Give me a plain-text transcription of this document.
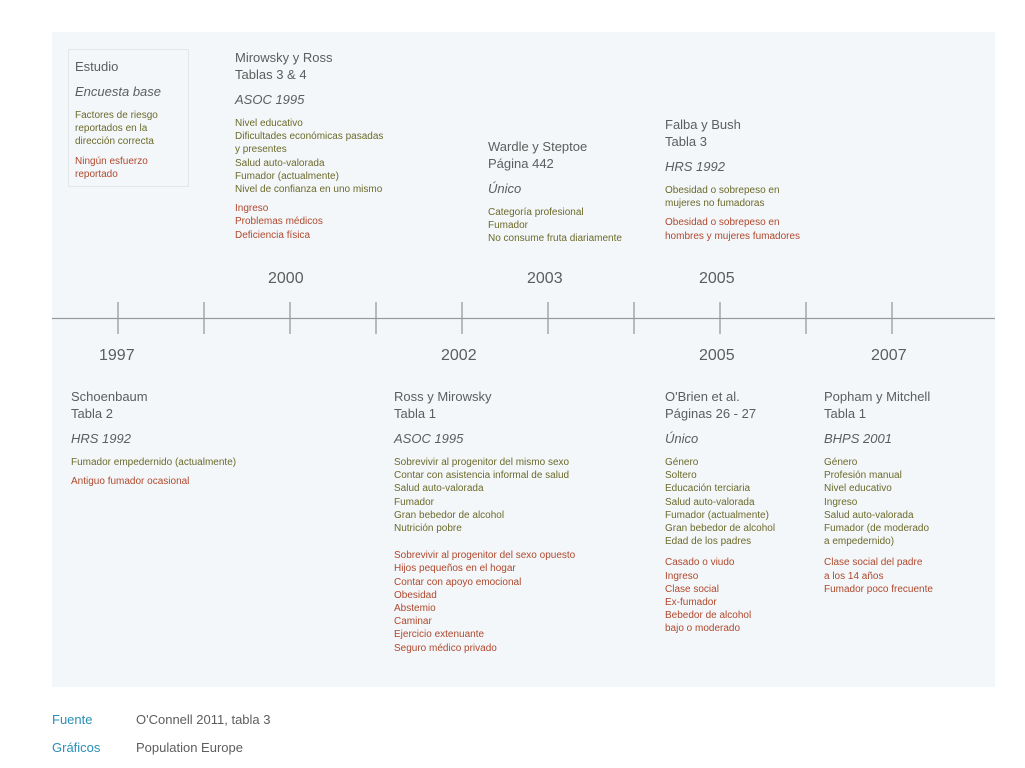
Estudio
Encuesta base
Factores de riesgo
reportados en la
dirección correcta
Ningún esfuerzo
reportado
Mirowsky y Ross
Tablas 3 & 4
ASOC 1995
Nivel educativo
Dificultades económicas pasadas
y presentes
Salud auto-valorada
Fumador (actualmente)
Nivel de confianza en uno mismo
Ingreso
Problemas médicos
Deficiencia física
Wardle y Steptoe
Página 442
Único
Categoría profesional
Fumador
No consume fruta diariamente
Falba y Bush
Tabla 3
HRS 1992
Obesidad o sobrepeso en
mujeres no fumadoras
Obesidad o sobrepeso en
hombres y mujeres fumadores
2000	2003	2005
1997	2002	2005	2007
Schoenbaum
Tabla 2
HRS 1992
Fumador empedernido (actualmente)
Antiguo fumador ocasional
Ross y Mirowsky
Tabla 1
ASOC 1995
Sobrevivir al progenitor del mismo sexo
Contar con asistencia informal de salud
Salud auto-valorada
Fumador
Gran bebedor de alcohol
Nutrición pobre
Sobrevivir al progenitor del sexo opuesto
Hijos pequeños en el hogar
Contar con apoyo emocional
Obesidad
Abstemio
Caminar
Ejercicio extenuante
Seguro médico privado
O'Brien et al.
Páginas 26 - 27
Único
Género
Soltero
Educación terciaria
Salud auto-valorada
Fumador (actualmente)
Gran bebedor de alcohol
Edad de los padres
Casado o viudo
Ingreso
Clase social
Ex-fumador
Bebedor de alcohol
bajo o moderado
Popham y Mitchell
Tabla 1
BHPS 2001
Género
Profesión manual
Nivel educativo
Ingreso
Salud auto-valorada
Fumador (de moderado
a empedernido)
Clase social del padre
a los 14 años
Fumador poco frecuente
Fuente	O'Connell 2011, tabla 3
Gráficos	Population Europe
